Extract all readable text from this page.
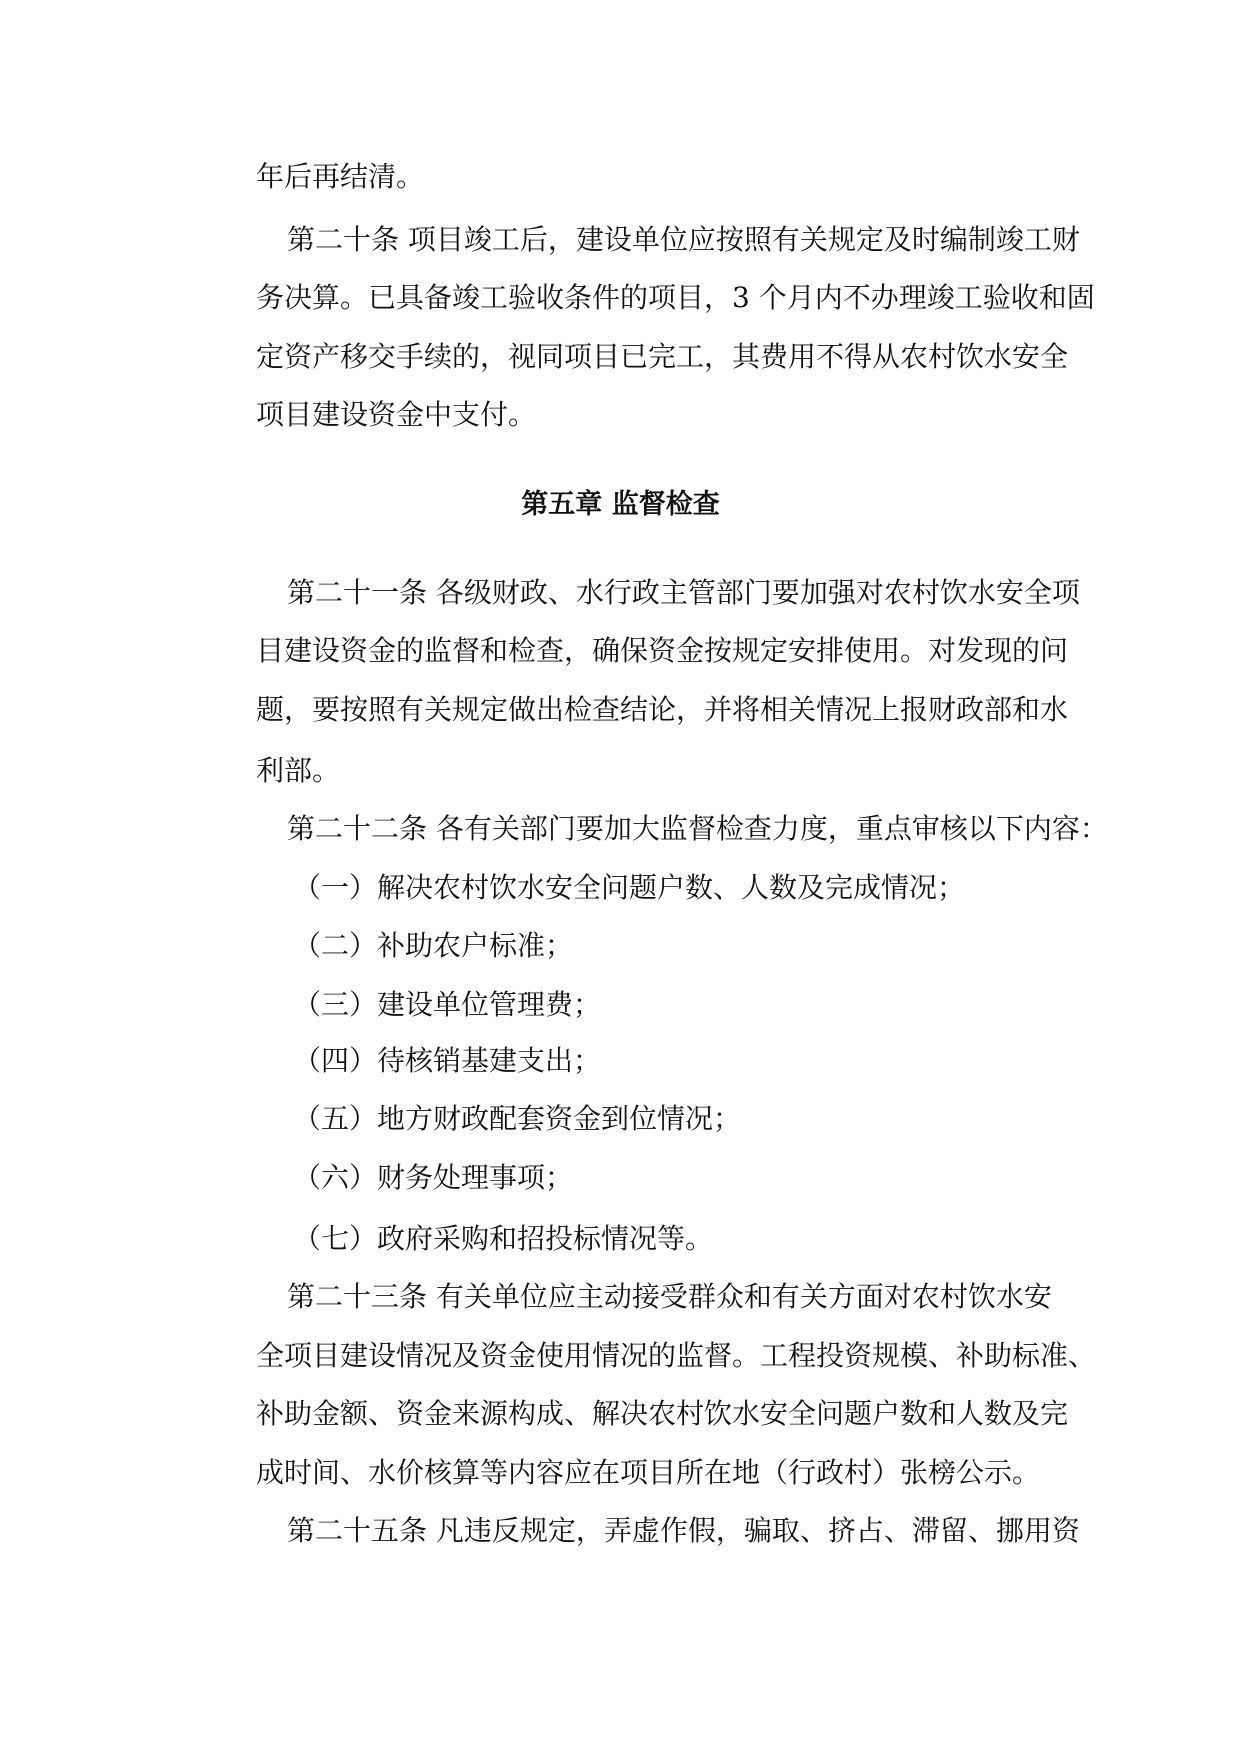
年后再结清。
第二十条 项目竣工后，建设单位应按照有关规定及时编制竣工财
务决算。已具备竣工验收条件的项目，3 个月内不办理竣工验收和固
定资产移交手续的，视同项目已完工，其费用不得从农村饮水安全
项目建设资金中支付。
第五章 监督检查
第二十一条 各级财政、水行政主管部门要加强对农村饮水安全项
目建设资金的监督和检查，确保资金按规定安排使用。对发现的问
题，要按照有关规定做出检查结论，并将相关情况上报财政部和水
利部。
第二十二条 各有关部门要加大监督检查力度，重点审核以下内容：
（一）解决农村饮水安全问题户数、人数及完成情况；
（二）补助农户标准；
（三）建设单位管理费；
（四）待核销基建支出；
（五）地方财政配套资金到位情况；
（六）财务处理事项；
（七）政府采购和招投标情况等。
第二十三条 有关单位应主动接受群众和有关方面对农村饮水安
全项目建设情况及资金使用情况的监督。工程投资规模、补助标准、
补助金额、资金来源构成、解决农村饮水安全问题户数和人数及完
成时间、水价核算等内容应在项目所在地（行政村）张榜公示。
第二十五条 凡违反规定，弄虚作假，骗取、挤占、滞留、挪用资
